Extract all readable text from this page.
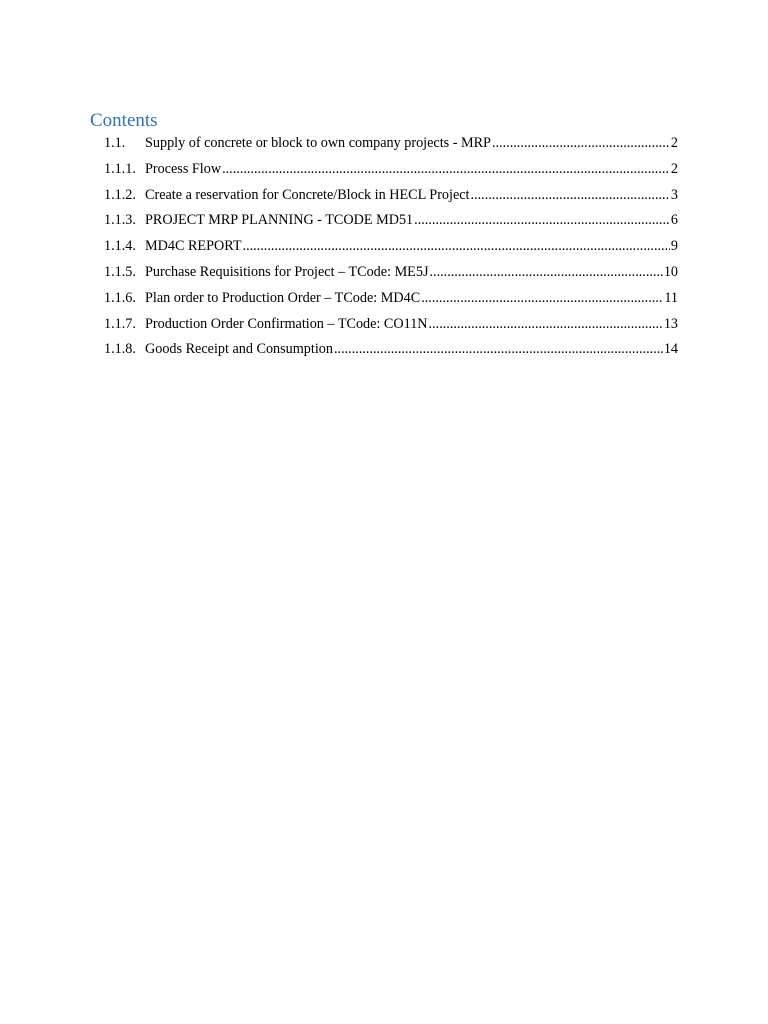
Contents
1.1.	Supply of concrete or block to own company projects - MRP .....	2
1.1.1. Process Flow .....	2
1.1.2. Create a reservation for Concrete/Block in HECL Project .....	3
1.1.3. PROJECT MRP PLANNING - TCODE MD51 .....	6
1.1.4. MD4C REPORT .....	9
1.1.5. Purchase Requisitions for Project – TCode: ME5J .....	10
1.1.6. Plan order to Production Order – TCode: MD4C .....	11
1.1.7. Production Order Confirmation – TCode: CO11N .....	13
1.1.8. Goods Receipt and Consumption .....	14
